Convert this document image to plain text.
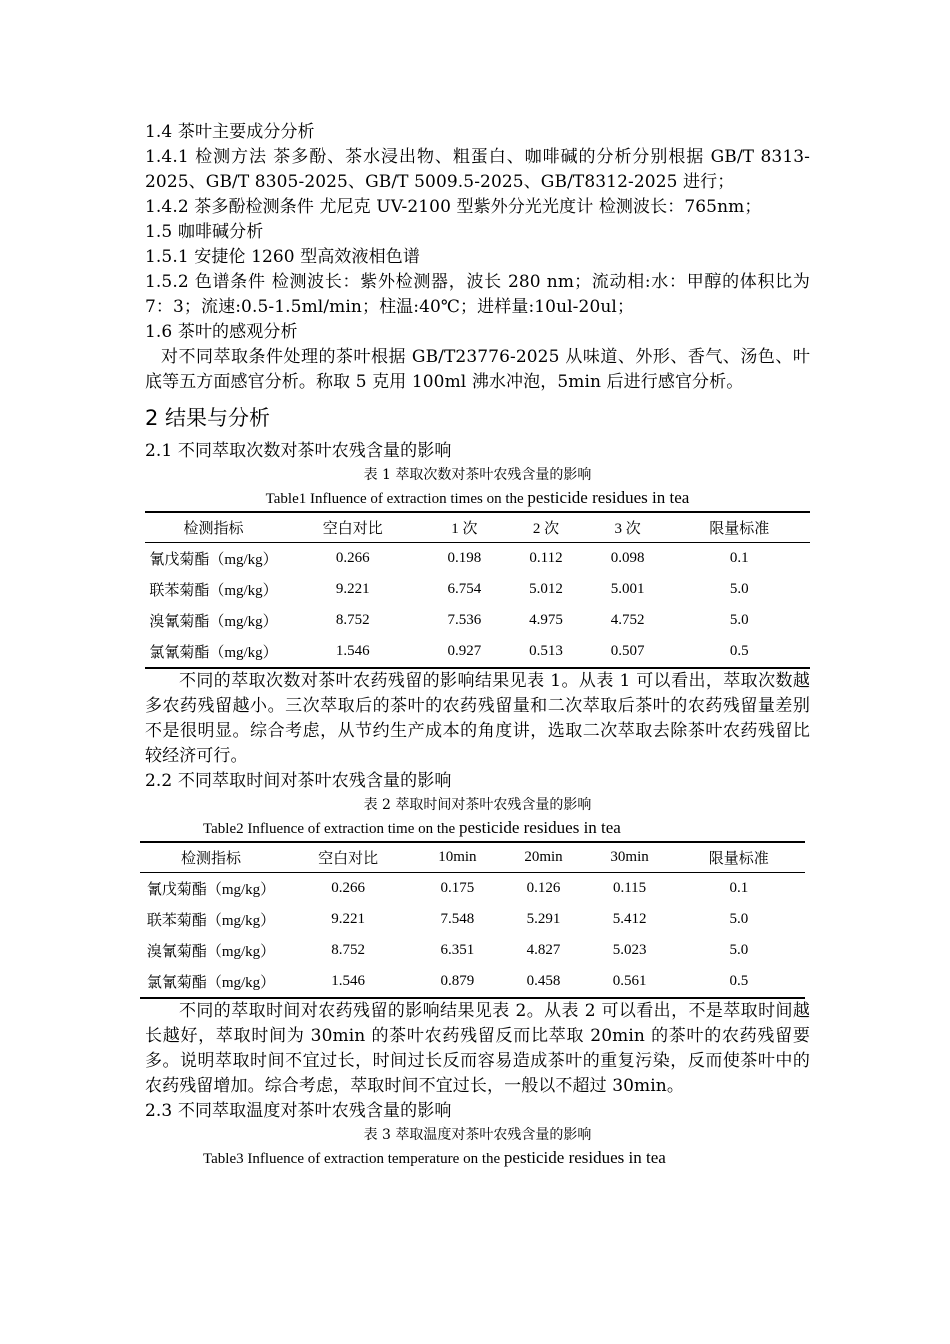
1.4 茶叶主要成分分析

1.4.1 检测方法 茶多酚、茶水浸出物、粗蛋白、咖啡碱的分析分别根据 GB/T 8313-2025、GB/T 8305-2025、GB/T 5009.5-2025、GB/T8312-2025 进行；

1.4.2 茶多酚检测条件 尤尼克 UV-2100 型紫外分光光度计 检测波长：765nm；

1.5 咖啡碱分析

1.5.1 安捷伦 1260 型高效液相色谱

1.5.2 色谱条件 检测波长：紫外检测器，波长 280 nm；流动相:水：甲醇的体积比为 7：3；流速:0.5-1.5ml/min；柱温:40℃；进样量:10ul-20ul；

1.6 茶叶的感观分析

对不同萃取条件处理的茶叶根据 GB/T23776-2025 从味道、外形、香气、汤色、叶底等五方面感官分析。称取 5 克用 100ml 沸水冲泡，5min 后进行感官分析。

2 结果与分析

2.1 不同萃取次数对茶叶农残含量的影响

表 1 萃取次数对茶叶农残含量的影响

Table1 Influence of extraction times on the pesticide residues in tea

检测指标	空白对比	1 次	2 次	3 次	限量标准
氰戊菊酯（mg/kg）	0.266	0.198	0.112	0.098	0.1
联苯菊酯（mg/kg）	9.221	6.754	5.012	5.001	5.0
溴氰菊酯（mg/kg）	8.752	7.536	4.975	4.752	5.0
氯氰菊酯（mg/kg）	1.546	0.927	0.513	0.507	0.5

不同的萃取次数对茶叶农药残留的影响结果见表 1。从表 1 可以看出，萃取次数越多农药残留越小。三次萃取后的茶叶的农药残留量和二次萃取后茶叶的农药残留量差别不是很明显。综合考虑，从节约生产成本的角度讲，选取二次萃取去除茶叶农药残留比较经济可行。

2.2 不同萃取时间对茶叶农残含量的影响

表 2 萃取时间对茶叶农残含量的影响

Table2 Influence of extraction time on the pesticide residues in tea

检测指标	空白对比	10min	20min	30min	限量标准
氰戊菊酯（mg/kg）	0.266	0.175	0.126	0.115	0.1
联苯菊酯（mg/kg）	9.221	7.548	5.291	5.412	5.0
溴氰菊酯（mg/kg）	8.752	6.351	4.827	5.023	5.0
氯氰菊酯（mg/kg）	1.546	0.879	0.458	0.561	0.5

不同的萃取时间对农药残留的影响结果见表 2。从表 2 可以看出，不是萃取时间越长越好，萃取时间为 30min 的茶叶农药残留反而比萃取 20min 的茶叶的农药残留要多。说明萃取时间不宜过长，时间过长反而容易造成茶叶的重复污染，反而使茶叶中的农药残留增加。综合考虑，萃取时间不宜过长，一般以不超过 30min。

2.3 不同萃取温度对茶叶农残含量的影响

表 3 萃取温度对茶叶农残含量的影响

Table3 Influence of extraction temperature on the pesticide residues in tea
